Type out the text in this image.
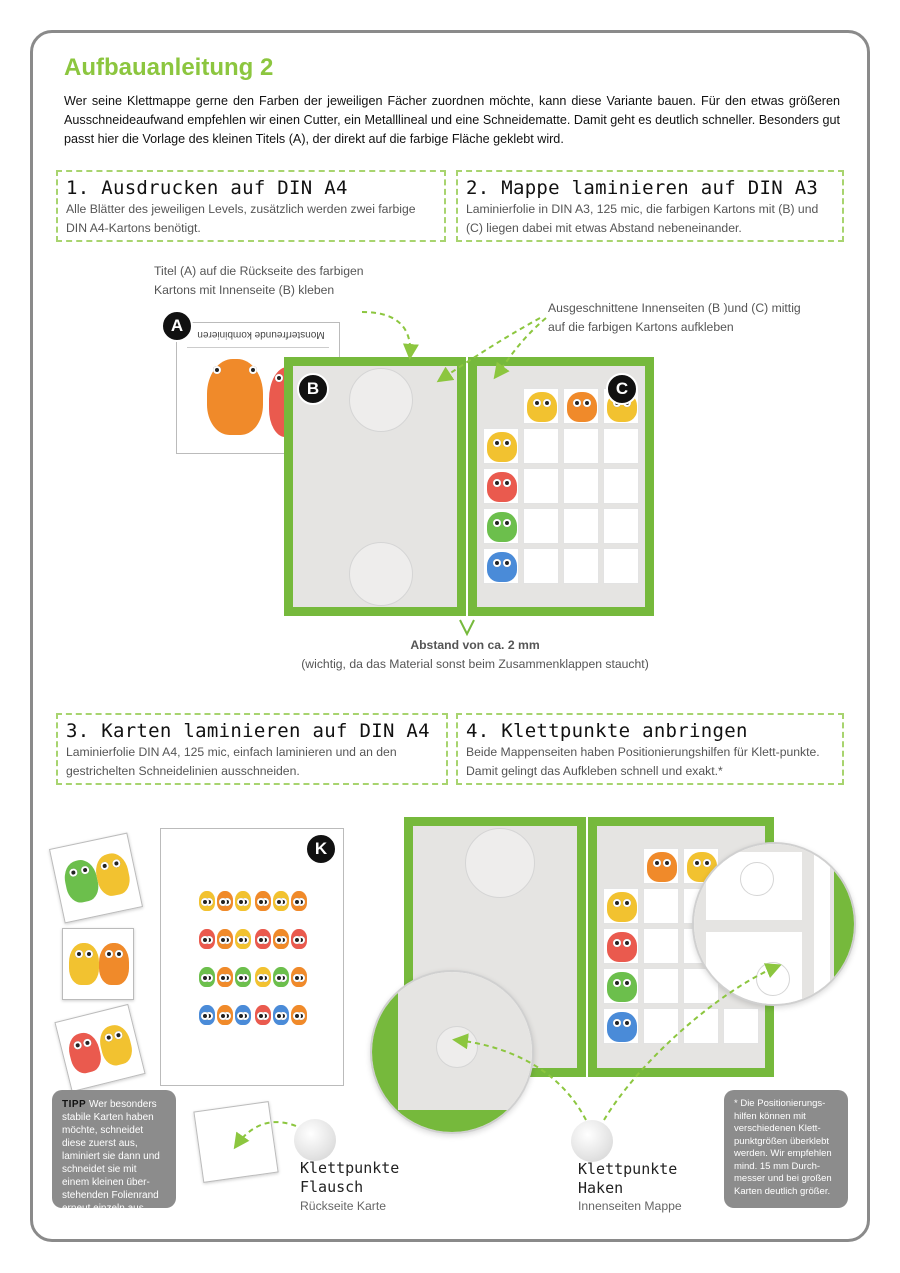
Aufbauanleitung 2

Wer seine Klettmappe gerne den Farben der jeweiligen Fächer zuordnen möchte, kann diese Variante bauen. Für den etwas größeren Ausschneideaufwand empfehlen wir einen Cutter, ein Metalllineal und eine Schneidematte. Damit geht es deutlich schneller. Besonders gut passt hier die Vorlage des kleinen Titels (A), der direkt auf die farbige Fläche geklebt wird.

1. Ausdrucken auf DIN A4

Alle Blätter des jeweiligen Levels, zusätzlich werden zwei farbige DIN A4-Kartons benötigt.

2. Mappe laminieren auf DIN A3

Laminierfolie in DIN A3, 125 mic, die farbigen Kartons mit (B) und (C) liegen dabei mit etwas Abstand nebeneinander.

3. Karten laminieren auf DIN A4

Laminierfolie DIN A4, 125 mic, einfach laminieren und an den gestrichelten Schneidelinien ausschneiden.

4. Klettpunkte anbringen

Beide Mappenseiten haben Positionierungshilfen für Klett-punkte. Damit gelingt das Aufkleben schnell und exakt.*

Titel (A) auf die Rückseite des farbigen Kartons mit Innenseite (B) kleben
Ausgeschnittene Innenseiten (B )und (C) mittig auf die farbigen Kartons aufkleben
Monsterfreunde kombinieren
A
B	C
Abstand von ca. 2 mm
(wichtig, da das Material sonst beim Zusammenklappen staucht)
K
TIPP Wer besonders stabile Karten haben möchte, schneidet diese zuerst aus, laminiert sie dann und schneidet sie mit einem kleinen über-stehenden Folienrand erneut einzeln aus.
Klettpunkte
Flausch
Rückseite Karte
Klettpunkte
Haken
Innenseiten Mappe
* Die Positionierungs-hilfen können mit verschiedenen Klett-punktgrößen überklebt werden. Wir empfehlen mind. 15 mm Durch-messer und bei großen Karten deutlich größer.
